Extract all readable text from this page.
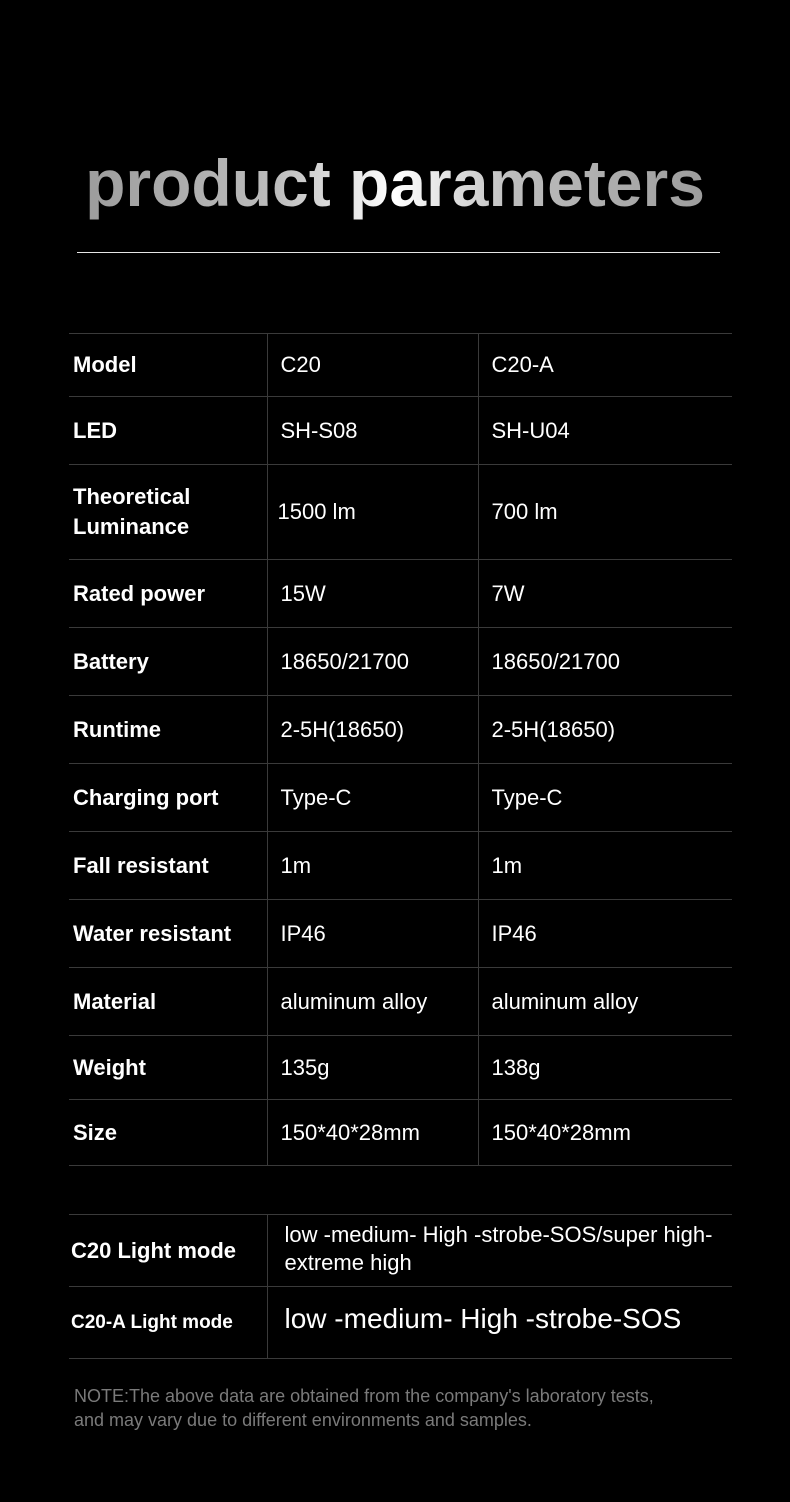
product parameters
Model	C20	C20-A
LED	SH-S08	SH-U04

Theoretical
Luminance	1500 lm	700 lm
Rated power	15W	7W
Battery	18650/21700	18650/21700
Runtime	2-5H(18650)	2-5H(18650)
Charging port	Type-C	Type-C
Fall resistant	1m	1m
Water resistant	IP46	IP46
Material	aluminum alloy	aluminum alloy
Weight	135g	138g
Size	150*40*28mm	150*40*28mm
C20 Light mode	low -medium- High -strobe-SOS/super high-
extreme high

C20-A Light mode	low -medium- High -strobe-SOS
NOTE:The above data are obtained from the company's laboratory tests,
and may vary due to different environments and samples.
